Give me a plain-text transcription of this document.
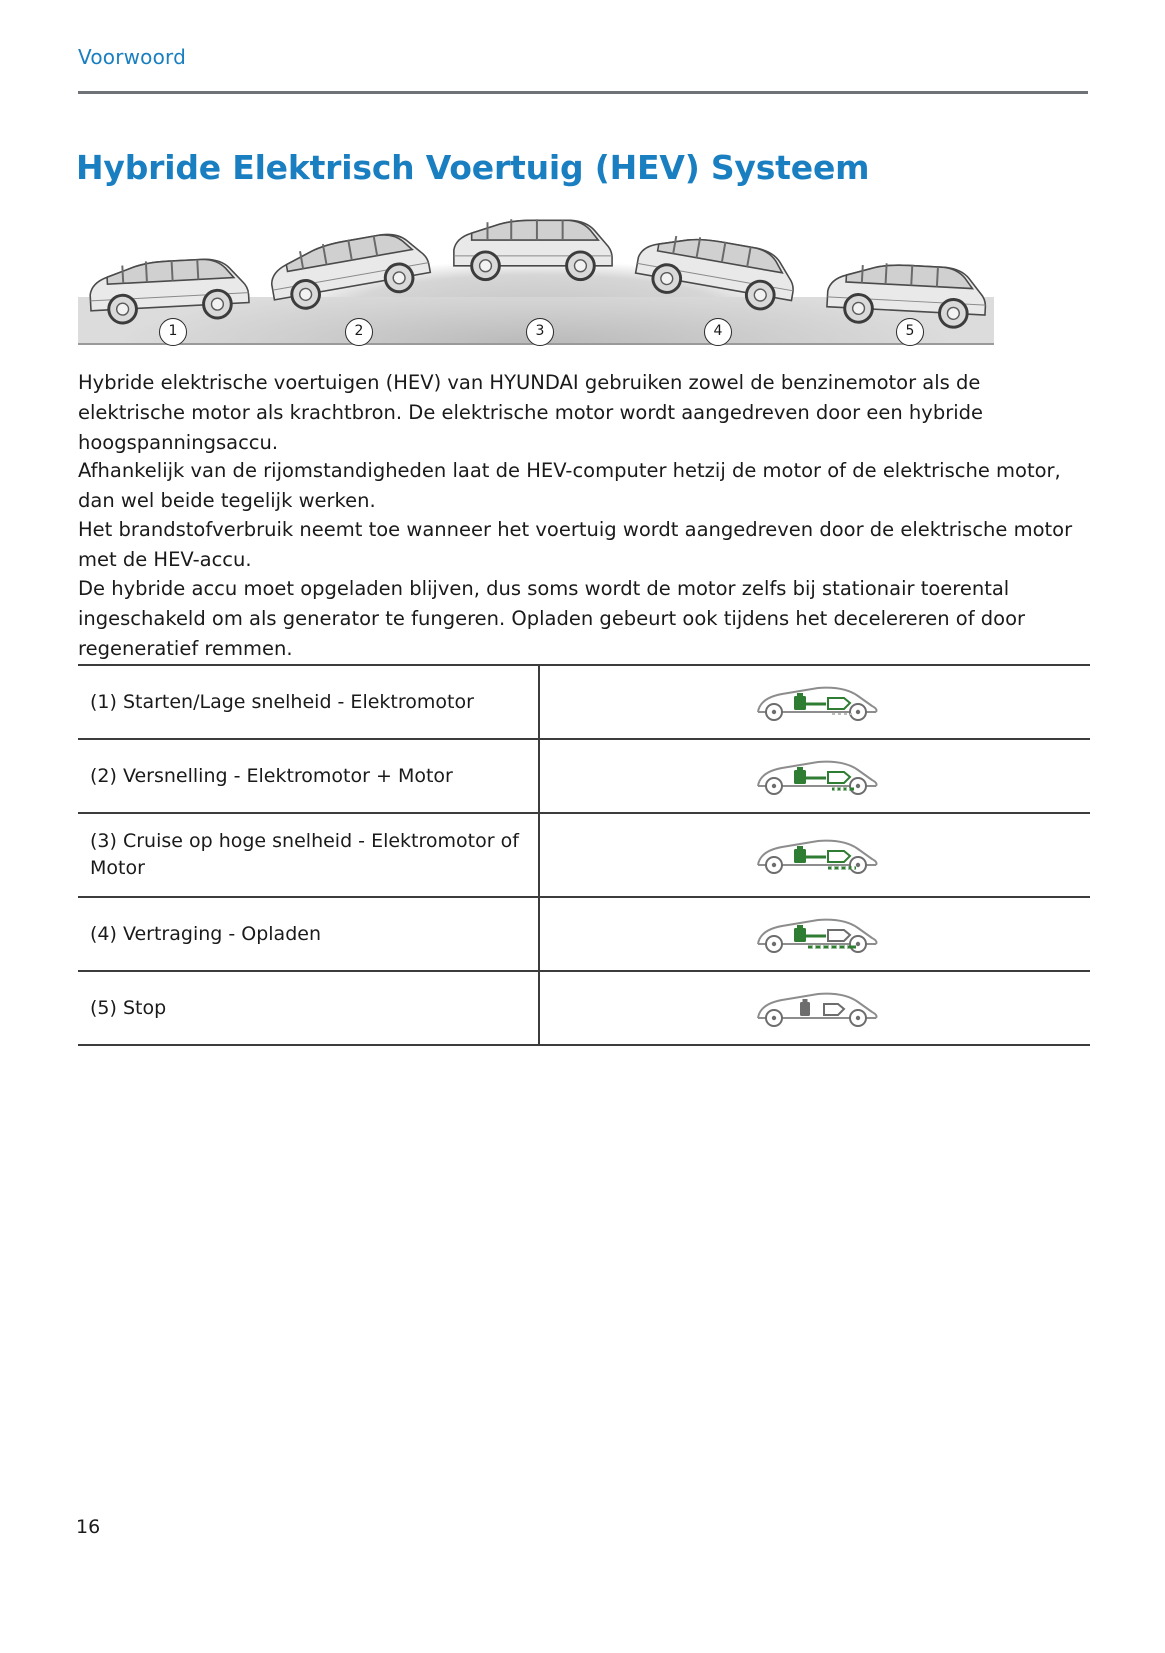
Voorwoord
Hybride Elektrisch Voertuig (HEV) Systeem
1	2	3	4	5
Hybride elektrische voertuigen (HEV) van HYUNDAI gebruiken zowel de benzinemotor als de elektrische motor als krachtbron. De elektrische motor wordt aangedreven door een hybride hoogspanningsaccu.
Afhankelijk van de rijomstandigheden laat de HEV-computer hetzij de motor of de elektrische motor, dan wel beide tegelijk werken.
Het brandstofverbruik neemt toe wanneer het voertuig wordt aangedreven door de elektrische motor met de HEV-accu.
De hybride accu moet opgeladen blijven, dus soms wordt de motor zelfs bij stationair toerental ingeschakeld om als generator te fungeren. Opladen gebeurt ook tijdens het decelereren of door regeneratief remmen.
(1) Starten/Lage snelheid - Elektromotor
(2) Versnelling - Elektromotor + Motor
(3) Cruise op hoge snelheid - Elektromotor of Motor
(4) Vertraging - Opladen
(5) Stop
16
